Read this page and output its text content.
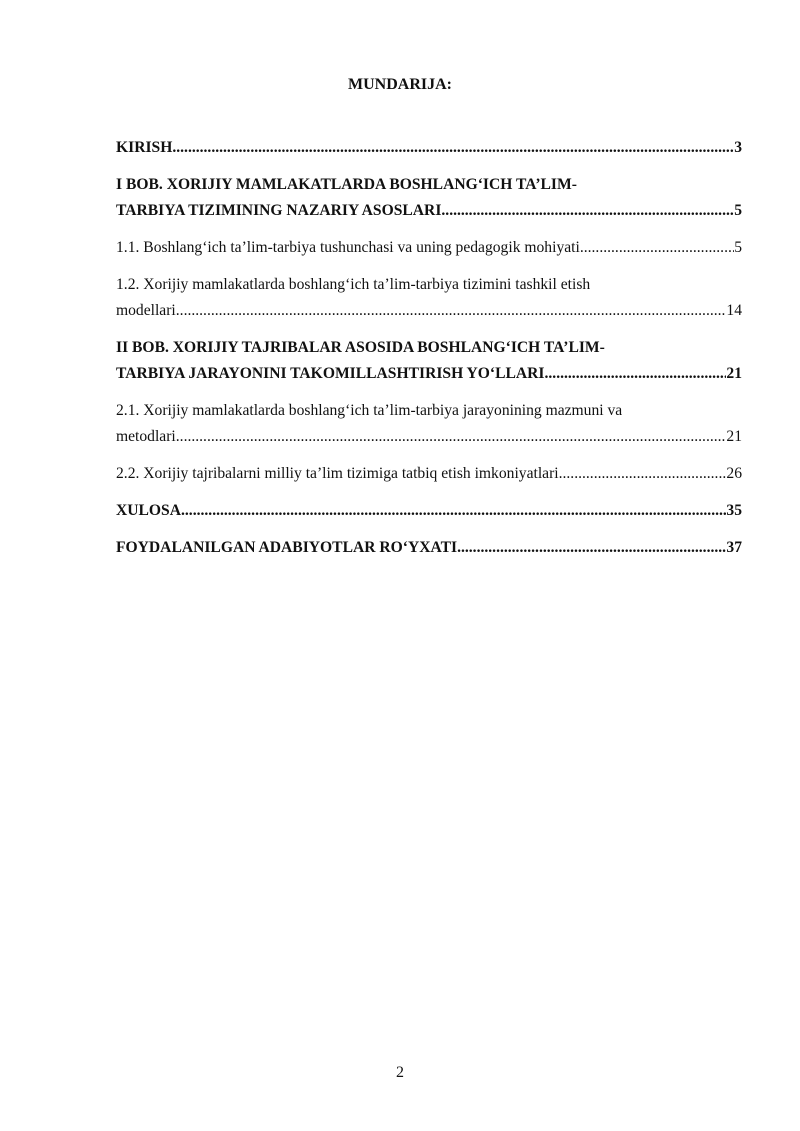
MUNDARIJA:
KIRISH .....	3
I BOB. XORIJIY MAMLAKATLARDA BOSHLANG‘ICH TA’LIM-
TARBIYA TIZIMINING NAZARIY ASOSLARI .....	5
1.1. Boshlang‘ich ta’lim-tarbiya tushunchasi va uning pedagogik mohiyati .....	5
1.2. Xorijiy mamlakatlarda boshlang‘ich ta’lim-tarbiya tizimini tashkil etish
modellari .....	14
II BOB. XORIJIY TAJRIBALAR ASOSIDA BOSHLANG‘ICH TA’LIM-
TARBIYA JARAYONINI TAKOMILLASHTIRISH YO‘LLARI .....	21
2.1. Xorijiy mamlakatlarda boshlang‘ich ta’lim-tarbiya jarayonining mazmuni va
metodlari .....	21
2.2. Xorijiy tajribalarni milliy ta’lim tizimiga tatbiq etish imkoniyatlari .....	26
XULOSA .....	35
FOYDALANILGAN ADABIYOTLAR RO‘YXATI .....	37
2
